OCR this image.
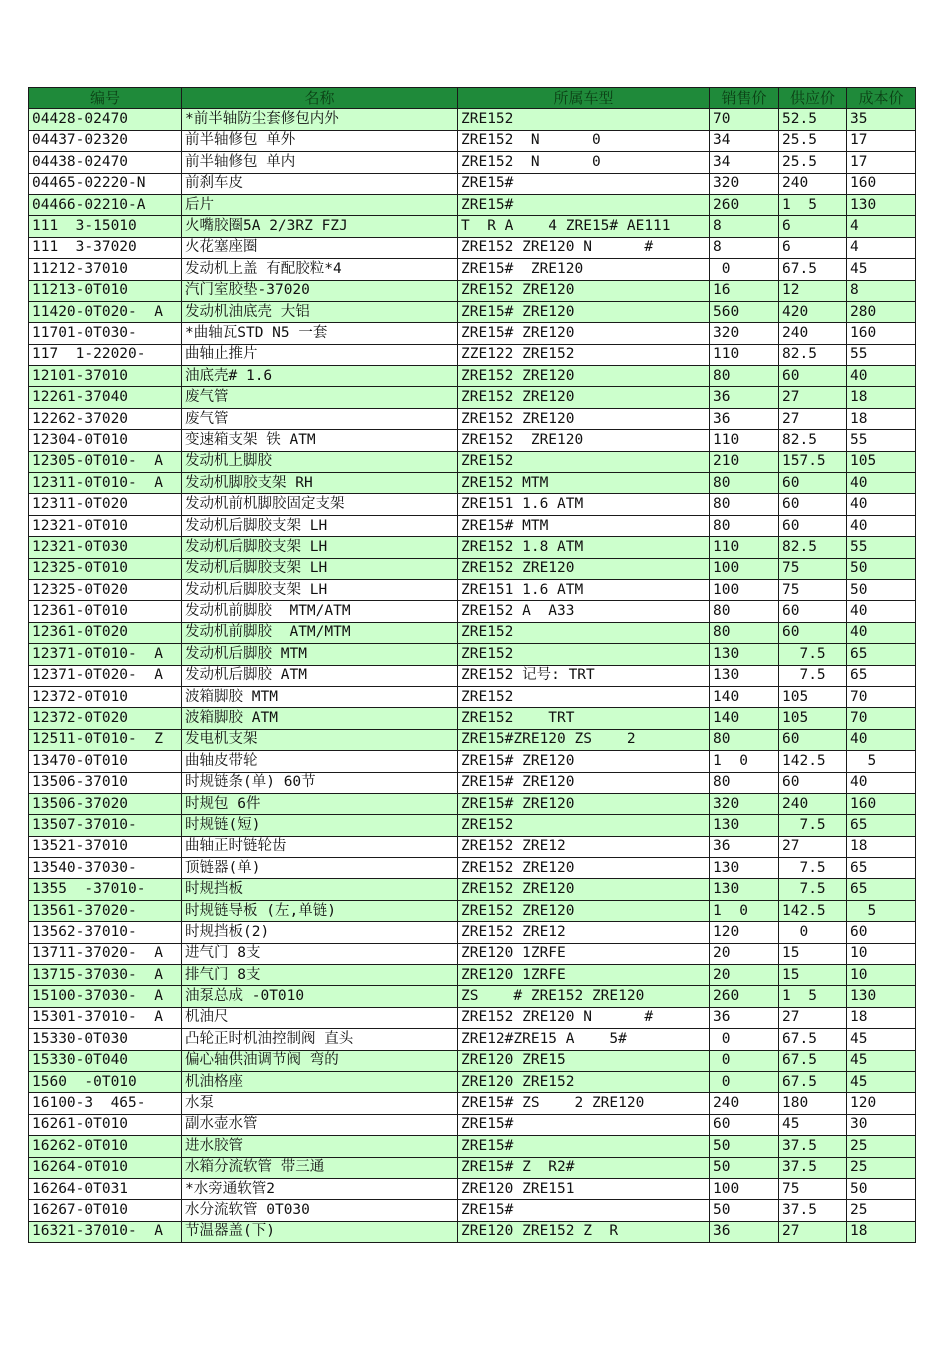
编号	名称	所属车型	销售价	供应价	成本价
04428-02470	*前半轴防尘套修包内外	ZRE152	70	52.5	35
04437-02320	前半轴修包 单外	ZRE152  N      0	34	25.5	17
04438-02470	前半轴修包 单内	ZRE152  N      0	34	25.5	17
04465-02220-N	前刹车皮	ZRE15#	320	240	160
04466-02210-A	后片	ZRE15#	260	1  5	130
111  3-15010	火嘴胶圈5A 2/3RZ FZJ	T  R A    4 ZRE15# AE111	8	6	4
111  3-37020	火花塞座圈	ZRE152 ZRE120 N      #	8	6	4
11212-37010	发动机上盖 有配胶粒*4	ZRE15#  ZRE120	0	67.5	45
11213-0T010	汽门室胶垫-37020	ZRE152 ZRE120	16	12	8
11420-0T020-  A	发动机油底壳 大铝	ZRE15# ZRE120	560	420	280
11701-0T030-	*曲轴瓦STD N5 一套	ZRE15# ZRE120	320	240	160
117  1-22020-	曲轴止推片	ZZE122 ZRE152	110	82.5	55
12101-37010	油底壳# 1.6	ZRE152 ZRE120	80	60	40
12261-37040	废气管	ZRE152 ZRE120	36	27	18
12262-37020	废气管	ZRE152 ZRE120	36	27	18
12304-0T010	变速箱支架 铁 ATM	ZRE152  ZRE120	110	82.5	55
12305-0T010-  A	发动机上脚胶	ZRE152	210	157.5	105
12311-0T010-  A	发动机脚胶支架 RH	ZRE152 MTM	80	60	40
12311-0T020	发动机前机脚胶固定支架	ZRE151 1.6 ATM	80	60	40
12321-0T010	发动机后脚胶支架 LH	ZRE15# MTM	80	60	40
12321-0T030	发动机后脚胶支架 LH	ZRE152 1.8 ATM	110	82.5	55
12325-0T010	发动机后脚胶支架 LH	ZRE152 ZRE120	100	75	50
12325-0T020	发动机后脚胶支架 LH	ZRE151 1.6 ATM	100	75	50
12361-0T010	发动机前脚胶  MTM/ATM	ZRE152 A  A33	80	60	40
12361-0T020	发动机前脚胶  ATM/MTM	ZRE152	80	60	40
12371-0T010-  A	发动机后脚胶 MTM	ZRE152	130	7.5	65
12371-0T020-  A	发动机后脚胶 ATM	ZRE152 记号: TRT	130	7.5	65
12372-0T010	波箱脚胶 MTM	ZRE152	140	105	70
12372-0T020	波箱脚胶 ATM	ZRE152    TRT	140	105	70
12511-0T010-  Z	发电机支架	ZRE15#ZRE120 ZS    2	80	60	40
13470-0T010	曲轴皮带轮	ZRE15# ZRE120	1  0	142.5	5
13506-37010	时规链条(单) 60节	ZRE15# ZRE120	80	60	40
13506-37020	时规包 6件	ZRE15# ZRE120	320	240	160
13507-37010-	时规链(短)	ZRE152	130	7.5	65
13521-37010	曲轴正时链轮齿	ZRE152 ZRE12	36	27	18
13540-37030-	顶链器(单)	ZRE152 ZRE120	130	7.5	65
1355  -37010-	时规挡板	ZRE152 ZRE120	130	7.5	65
13561-37020-	时规链导板 (左,单链)	ZRE152 ZRE120	1  0	142.5	5
13562-37010-	时规挡板(2)	ZRE152 ZRE12	120	0	60
13711-37020-  A	进气门 8支	ZRE120 1ZRFE	20	15	10
13715-37030-  A	排气门 8支	ZRE120 1ZRFE	20	15	10
15100-37030-  A	油泵总成 -0T010	ZS    # ZRE152 ZRE120	260	1  5	130
15301-37010-  A	机油尺	ZRE152 ZRE120 N      #	36	27	18
15330-0T030	凸轮正时机油控制阀 直头	ZRE12#ZRE15 A    5#	0	67.5	45
15330-0T040	偏心轴供油调节阀 弯的	ZRE120 ZRE15	0	67.5	45
1560  -0T010	机油格座	ZRE120 ZRE152	0	67.5	45
16100-3  465-	水泵	ZRE15# ZS    2 ZRE120	240	180	120
16261-0T010	副水壶水管	ZRE15#	60	45	30
16262-0T010	进水胶管	ZRE15#	50	37.5	25
16264-0T010	水箱分流软管 带三通	ZRE15# Z  R2#	50	37.5	25
16264-0T031	*水旁通软管2	ZRE120 ZRE151	100	75	50
16267-0T010	水分流软管 0T030	ZRE15#	50	37.5	25
16321-37010-  A	节温器盖(下)	ZRE120 ZRE152 Z  R	36	27	18
